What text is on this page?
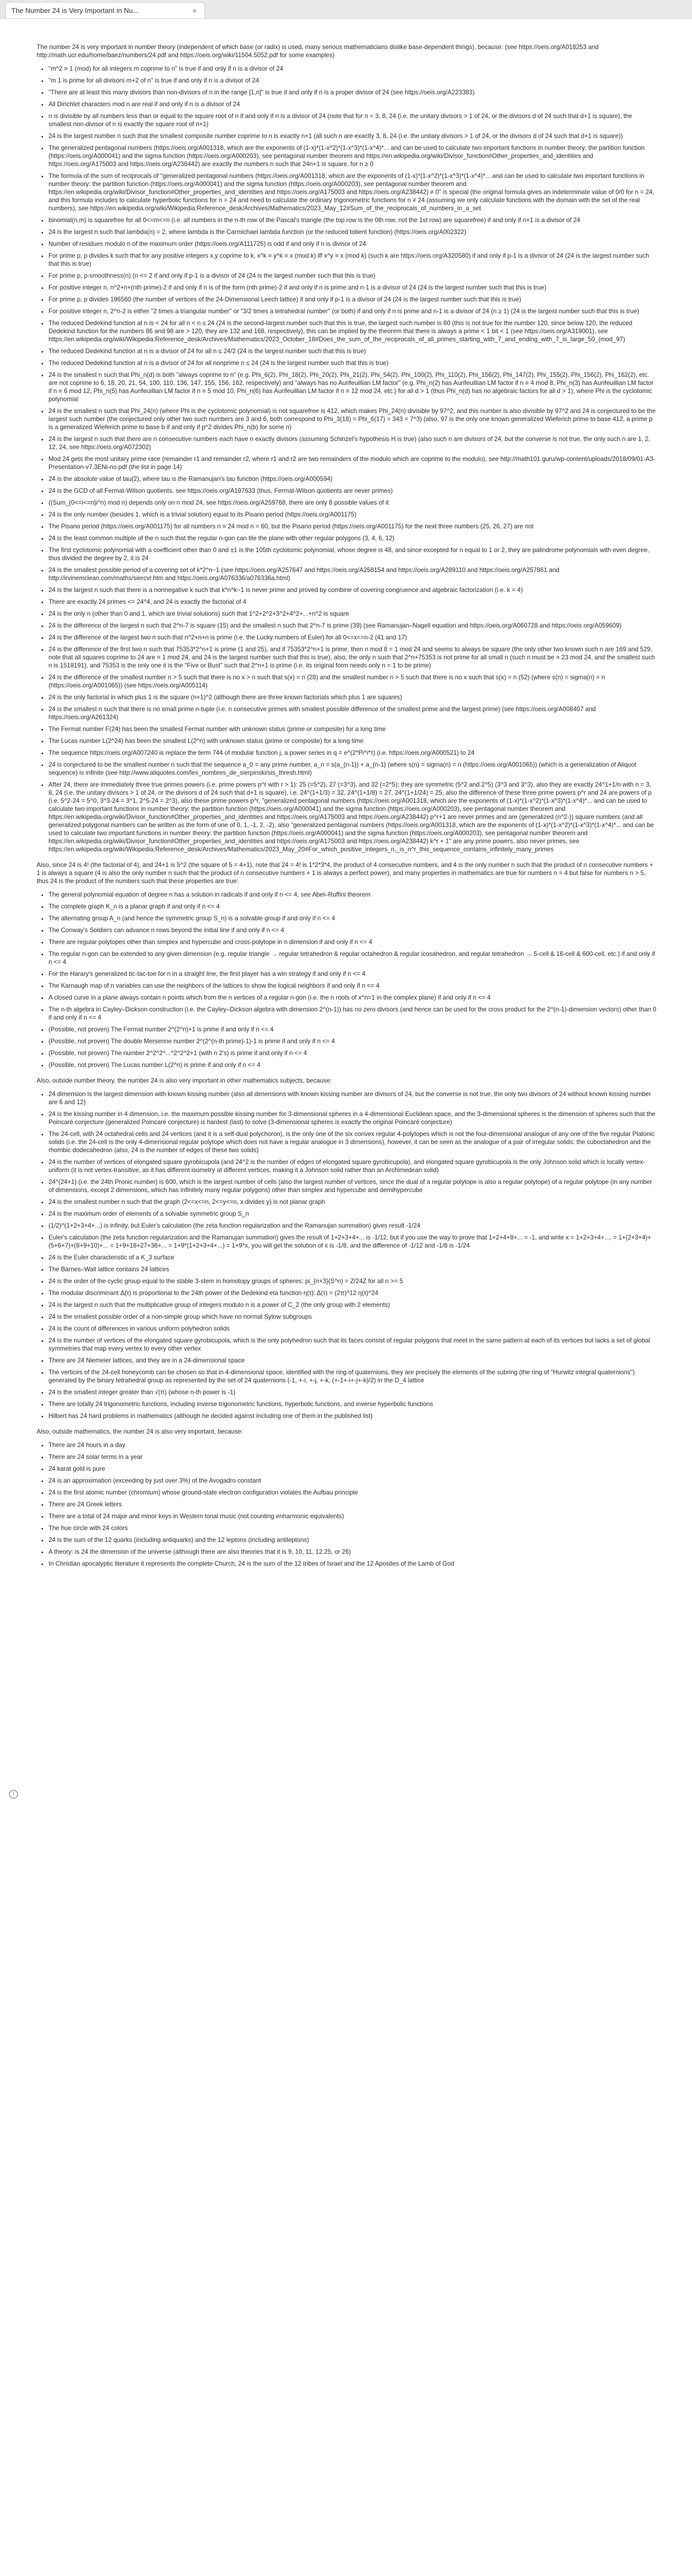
The Number 24 is Very Important in Nu...	×
i

The number 24 is very important in number theory (independent of which base (or radix) is used, many serious mathematicians dislike base-dependent things), because: (see https://oeis.org/A018253 and http://math.ucr.edu/home/baez/numbers/24.pdf and https://oeis.org/wiki/11504.5052.pdf for some examples)

• "m^2 ≡ 1 (mod) for all integers m coprime to n" is true if and only if n is a divisor of 24
• "m 1 is prime for all divisors m+2 of n" is true if and only if n is a divisor of 24
• "There are at least this many divisors than non-divisors of n in the range [1,n]" is true if and only if n is a proper divisor of 24 (see https://oeis.org/A223383)
• All Dirichlet characters mod n are real if and only if n is a divisor of 24
• n is divisible by all numbers less than or equal to the square root of n if and only if n is a divisor of 24 (note that for n = 3, 8, 24 (i.e. the unitary divisors > 1 of 24, or the divisors d of 24 such that d+1 is square), the smallest non-divisor of n is exactly the square root of n+1)
• 24 is the largest number n such that the smallest composite number coprime to n is exactly n+1 (all such n are exactly 3, 8, 24 (i.e. the unitary divisors > 1 of 24, or the divisors d of 24 such that d+1 is square))
• The generalized pentagonal numbers (https://oeis.org/A001318, which are the exponents of (1-x)*(1-x^2)*(1-x^3)*(1-x^4)*... and can be used to calculate two important functions in number theory: the partition function (https://oeis.org/A000041) and the sigma function (https://oeis.org/A000203), see pentagonal number theorem and https://en.wikipedia.org/wiki/Divisor_function#Other_properties_and_identities and https://oeis.org/A175003 and https://oeis.org/A238442) are exactly the numbers n such that 24n+1 is square, for n ≥ 0
• The formula of the sum of reciprocals of "generalized pentagonal numbers (https://oeis.org/A001318, which are the exponents of (1-x)*(1-x^2)*(1-x^3)*(1-x^4)*... and can be used to calculate two important functions in number theory: the partition function (https://oeis.org/A000041) and the sigma function (https://oeis.org/A000203), see pentagonal number theorem and https://en.wikipedia.org/wiki/Divisor_function#Other_properties_and_identities and https://oeis.org/A175003 and https://oeis.org/A238442) ≠ 0" is special (the original formula gives an indeterminate value of 0/0 for n = 24, and this formula includes to calculate hyperbolic functions for n = 24 and need to calculate the ordinary trigonometric functions for n ≠ 24 (assuming we only calculate functions with the domain with the set of the real numbers), see https://en.wikipedia.org/wiki/Wikipedia:Reference_desk/Archives/Mathematics/2023_May_12#Sum_of_the_reciprocals_of_numbers_in_a_set
• binomial(n,m) is squarefree for all 0<=m<=n (i.e. all numbers in the n-th row of the Pascal's triangle (the top row is the 0th row, not the 1st row) are squarefree) if and only if n+1 is a divisor of 24
• 24 is the largest n such that lambda(n) = 2, where lambda is the Carmichael lambda function (or the reduced totient function) (https://oeis.org/A002322)
• Number of residues modulo n of the maximum order (https://oeis.org/A111725) is odd if and only if n is divisor of 24
• For prime p, p divides k such that for any positive integers x,y coprime to k, x^k ≡ y^k ≡ x (mod k) iff x^y ≡ x (mod k) (such k are https://oeis.org/A320580) if and only if p-1 is a divisor of 24 (24 is the largest number such that this is true)
• For prime p, p-smoothness(n) (n <= 2 if and only if p-1 is a divisor of 24 (24 is the largest number such that this is true)
• For positive integer n, n^2+n+(nth prime)-2 if and only if n is of the form (nth prime)-2 if and only if n is prime and n-1 is a divisor of 24 (24 is the largest number such that this is true)
• For prime p, p divides 196560 (the number of vertices of the 24-Dimensional Leech lattice) if and only if p-1 is a divisor of 24 (24 is the largest number such that this is true)
• For positive integer n, 2^n-2 is either "2 times a triangular number" or "3/2 times a tetrahedral number" (or both) if and only if n is prime and n-1 is a divisor of 24 (n ≥ 1) (24 is the largest number such that this is true)
• The reduced Dedekind function at n is < 24 for all n < n ≤ 24 (24 is the second-largest number such that this is true, the largest such number is 60 (this is not true for the number 120, since below 120, the reduced Dedekind function for the numbers 86 and 98 are > 120, they are 132 and 168, respectively), this can be implied by the theorem that there is always a prime < 1 bit < 1 (see https://oeis.org/A319001), see https://en.wikipedia.org/wiki/Wikipedia:Reference_desk/Archives/Mathematics/2023_October_18#Does_the_sum_of_the_reciprocals_of_all_primes_starting_with_7_and_ending_with_7_is_large_50_(mod_97)
• The reduced Dedekind function at n is a divisor of 24 for all n ≤ 24/2 (24 is the largest number such that this is true)
• The reduced Dedekind function at n is a divisor of 24 for all nonprime n ≤ 24 (24 is the largest number such that this is true)
• 24 is the smallest n such that Phi_n(d) is both "always coprime to n" (e.g. Phi_6(2), Phi_18(2), Phi_20(2), Phi_21(2), Phi_54(2), Phi_100(2), Phi_110(2), Phi_156(2), Phi_147(2), Phi_155(2), Phi_156(2), Phi_162(2), etc. are not coprime to 6, 18, 20, 21, 54, 100, 110, 136, 147, 155, 156, 162, respectively) and "always has no Aurifeuillian LM factor" (e.g. Phi_n(2) has Aurifeuillian LM factor if n ≡ 4 mod 8, Phi_n(3) has Aurifeuillian LM factor if n ≡ 6 mod 12, Phi_n(5) has Aurifeuillian LM factor if n ≡ 5 mod 10, Phi_n(6) has Aurifeuillian LM factor if n ≡ 12 mod 24, etc.) for all d > 1 (thus Phi_n(d) has no algebraic factors for all d > 1), where Phi is the cyclotomic polynomial
• 24 is the smallest n such that Phi_24(n) (where Phi is the cyclotomic polynomial) is not squarefree is 412, which makes Phi_24(n) divisible by 97^2, and this number is also divisible by 97^2 and 24 is conjectured to be the largest such number (the conjectured only other two such numbers are 3 and 6, both correspond to Phi_3(18) = Phi_6(17) = 343 = 7^3) (also, 97 is the only one known generalized Wieferich prime to base 412, a prime p is a generalized Wieferich prime to base b if and only if p^2 divides Phi_n(b) for some n)
• 24 is the largest n such that there are n consecutive numbers each have n exactly divisors (assuming Schinzel's hypothesis H is true) (also such n are divisors of 24, but the converse is not true, the only such n are 1, 2, 12, 24, see https://oeis.org/A072302)
• Mod 24 gets the most unitary prime race (remainder r1 and remainder r2, where r1 and r2 are two remainders of the modulo which are coprime to the modulo), see http://math101.guru/wp-content/uploads/2018/09/01-A3-Presentation-v7.3ENi-no.pdf (the list in page 14)
• 24 is the absolute value of tau(2), where tau is the Ramanujan's tau function (https://oeis.org/A000594)
• 24 is the GCD of all Fermat-Wilson quotients, see https://oeis.org/A197633 (thus, Fermat-Wilson quotients are never primes)
• ((Sum_{0<=i<=n}i^n) mod n) depends only on n mod 24, see https://oeis.org/A259768, there are only 8 possible values of it
• 24 is the only number (besides 1, which is a trivial solution) equal to its Pisano period (https://oeis.org/A001175)
• The Pisano period (https://oeis.org/A001175) for all numbers n ≡ 24 mod n = 60, but the Pisano period (https://oeis.org/A001175) for the next three numbers (25, 26, 27) are not
• 24 is the least common multiple of the n such that the regular n-gon can tile the plane with other regular polygons (3, 4, 6, 12)
• The first cyclotomic polynomial with a coefficient other than 0 and ±1 is the 105th cyclotomic polynomial, whose degree is 48, and since excepted for n equal to 1 or 2, they are palindrome polynomials with even degree, thus divided the degree by 2, it is 24
• 24 is the smallest possible period of a covering set of k*2^n−1 (see https://oeis.org/A257647 and https://oeis.org/A258154 and https://oeis.org/A289110 and https://oeis.org/A257861 and http://irvinemclean.com/maths/siercvr.htm and https://oeis.org/A076336/a076336a.html)
• 24 is the largest n such that there is a nonnegative k such that k*n^k−1 is never prime and proved by combine of covering congruence and algebraic factorization (i.e. k = 4)
• There are exactly 24 primes <= 24^4, and 24 is exactly the factorial of 4
• 24 is the only n (other than 0 and 1, which are trivial solutions) such that 1^2+2^2+3^2+4^2+...+n^2 is square
• 24 is the difference of the largest n such that 2^n-7 is square (15) and the smallest n such that 2^n-7 is prime (39) (see Ramanujan–Nagell equation and https://oeis.org/A060728 and https://oeis.org/A059609)
• 24 is the difference of the largest two n such that n^2+n+n is prime (i.e. the Lucky numbers of Euler) for all 0<=x<=n-2 (41 and 17)
• 24 is the difference of the first two n such that 75353*2^n+1 is prime (1 and 25), and if 75353*2^n+1 is prime, then n mod 8 = 1 mod 24 and seems to always be square (the only other two known such n are 169 and 529, note that all squares coprime to 24 are ≡ 1 mod 24, and 24 is the largest number such that this is true), also, the only n such that 2^n+75353 is not prime for all small n (such n must be ≡ 23 mod 24, and the smallest such n is 1518191), and 75353 is the only one it is the "Five or Bust" such that 2^n+1 is prime (i.e. its original form needs only n = 1 to be prime)
• 24 is the difference of the smallest number n > 5 such that there is no x > n such that s(x) = n (28) and the smallest number n > 5 such that there is no x such that s(x) = n (52) (where s(n) = sigma(n) = n (https://oeis.org/A001065)) (see https://oeis.org/A005114)
• 24 is the only factorial in which plus 1 is the square (n+1)^2 (although there are three known factorials which plus 1 are squares)
• 24 is the smallest n such that there is no small prime n-tuple (i.e. n consecutive primes with smallest possible difference of the smallest prime and the largest prime) (see https://oeis.org/A008407 and https://oeis.org/A261324)
• The Fermat number F(24) has been the smallest Fermat number with unknown status (prime or composite) for a long time
• The Lucas number L(2^24) has been the smallest L(2^n) with unknown status (prime or composite) for a long time
• The sequence https://oeis.org/A007240 is replace the term 744 of modular function j, a power series in q = e^(2*Pi^i*τ) (i.e. https://oeis.org/A000521) to 24
• 24 is conjectured to be the smallest number n such that the sequence a_0 = any prime number, a_n = s(a_{n-1}) + a_{n-1} (where s(n) = sigma(n) = n (https://oeis.org/A001065)) (which is a generalization of Aliquot sequence) is infinite (see http://www.aliquotes.com/les_nombres_de_sierpinski/sis_thresh.html)
• After 24, there are immediately three true primes powers (i.e. prime powers p^r with r > 1): 25 (=5^2), 27 (=3^3), and 32 (=2^5); they are symmetric (5^2 and 2^5) (3^3 and 3^3), also they are exactly 24^1+1/n with n = 3, 8, 24 (i.e. the unitary divisors > 1 of 24, or the divisors d of 24 such that d+1 is square), i.e. 24^(1+1/3) = 32, 24^(1+1/8) = 27, 24^(1+1/24) = 25, also the difference of these three prime powers p^r and 24 are powers of p (i.e. 5^2-24 = 5^0, 3^3-24 = 3^1, 2^5-24 = 2^3), also these prime powers p^r, "generalized pentagonal numbers (https://oeis.org/A001318, which are the exponents of (1-x)*(1-x^2)*(1-x^3)*(1-x^4)*... and can be used to calculate two important functions in number theory: the partition function (https://oeis.org/A000041) and the sigma function (https://oeis.org/A000203), see pentagonal number theorem and https://en.wikipedia.org/wiki/Divisor_function#Other_properties_and_identities and https://oeis.org/A175003 and https://oeis.org/A238442) p^r+1 are never primes and are (generalized (n^2-)) square numbers (and all generalized polygonal numbers can be written as the form of one of 0, 1, -1, 2, -2), also "generalized pentagonal numbers (https://oeis.org/A001318, which are the exponents of (1-x)*(1-x^2)*(1-x^3)*(1-x^4)*... and can be used to calculate two important functions in number theory: the partition function (https://oeis.org/A000041) and the sigma function (https://oeis.org/A000203), see pentagonal number theorem and https://en.wikipedia.org/wiki/Divisor_function#Other_properties_and_identities and https://oeis.org/A175003 and https://oeis.org/A238442) k^r + 1" are any prime powers, also never primes, see https://en.wikipedia.org/wiki/Wikipedia:Reference_desk/Archives/Mathematics/2023_May_20#For_which_positive_integers_n,_is_n^r_this_sequence_contains_infinitely_many_primes

Also, since 24 is 4! (the factorial of 4), and 24+1 is 5^2 (the square of 5 = 4+1), note that 24 = 4! is 1*2*3*4, the product of 4 consecutive numbers, and 4 is the only number n such that the product of n consecutive numbers + 1 is always a square (4 is also the only number n such that the product of n consecutive numbers + 1 is always a perfect power), and many properties in mathematics are true for numbers n = 4 but false for numbers n > 5, thus 24 is the product of the numbers such that these properties are true:

• The general polynomial equation of degree n has a solution in radicals if and only if n <= 4, see Abel–Ruffini theorem
• The complete graph K_n is a planar graph if and only if n <= 4
• The alternating group A_n (and hence the symmetric group S_n) is a solvable group if and only if n <= 4
• The Conway's Soldiers can advance n rows beyond the initial line if and only if n <= 4
• There are regular polytopes other than simplex and hypercube and cross-polytope in n dimension if and only if n <= 4
• The regular n-gon can be extended to any given dimension (e.g. regular triangle → regular tetrahedron & regular octahedron & regular icosahedron, and regular tetrahedron → 5-cell & 16-cell & 600-cell, etc.) if and only if n <= 4
• For the Harary's generalized tic-tac-toe for n in a straight line, the first player has a win strategy if and only if n <= 4
• The Karnaugh map of n variables can use the neighbors of the lattices to show the logical neighbors if and only if n <= 4
• A closed curve in a plane always contain n points which from the n vertices of a regular n-gon (i.e. the n roots of x^n=1 in the complex plane) if and only if n <= 4
• The n-th algebra in Cayley–Dickson construction (i.e. the Cayley–Dickson algebra with dimension 2^(n-1)) has no zero divisors (and hence can be used for the cross product for the 2^(n-1)-dimension vectors) other than 0 if and only if n <= 4
• (Possible, not proven) The Fermat number 2^(2^n)+1 is prime if and only if n <= 4
• (Possible, not proven) The double Mersenne number 2^(2^(n-th prime)-1)-1 is prime if and only if n <= 4
• (Possible, not proven) The number 2^2^2^...^2^2^2+1 (with n 2's) is prime if and only if n <= 4
• (Possible, not proven) The Lucas number L(2^n) is prime if and only if n <= 4

Also, outside number theory, the number 24 is also very important in other mathematics subjects, because:

• 24 dimension is the largest dimension with known kissing number (also all dimensions with known kissing number are divisors of 24, but the converse is not true, the only two divisors of 24 without known kissing number are 6 and 12)
• 24 is the kissing number in 4 dimension, i.e. the maximum possible kissing number for 3-dimensional spheres in a 4-dimensional Euclidean space, and the 3-dimensional spheres is the dimension of spheres such that the Poincaré conjecture (generalized Poincaré conjecture) is hardest (last) to solve (3-dimensional spheres is exactly the original Poincaré conjecture)
• The 24-cell, with 24 octahedral cells and 24 vertices (and it is a self-dual polychoron), is the only one of the six convex regular 4-polytopes which is not the four-dimensional analogue of any one of the five regular Platonic solids (i.e. the 24-cell is the only 4-dimensional regular polytope which does not have a regular analogue in 3 dimensions), however, it can be seen as the analogue of a pair of irregular solids: the cuboctahedron and the rhombic dodecahedron (also, 24 is the number of edges of these two solids)
• 24 is the number of vertices of elongated square gyrobicupola (and 24^2 is the number of edges of elongated square gyrobicupola), and elongated square gyrobicupola is the only Johnson solid which is locally vertex-uniform (it is not vertex-transitive, as it has different isometry at different vertices, making it a Johnson solid rather than an Archimedean solid)
• 24^(24+1) (i.e. the 24th Pronic number) is 600, which is the largest number of cells (also the largest number of vertices, since the dual of a regular polytope is also a regular polytope) of a regular polytope (in any number of dimensions, except 2 dimensions, which has infinitely many regular polygons) other than simplex and hypercube and demihypercube
• 24 is the smallest number n such that the graph (2<=x<=n, 2<=y<=n, x divides y) is not planar graph
• 24 is the maximum order of elements of a solvable symmetric group S_n
• (1/2)^(1+2+3+4+...) is infinity, but Euler's calculation (the zeta function regularization and the Ramanujan summation) gives result -1/24
• Euler's calculation (the zeta function regularization and the Ramanujan summation) gives the result of 1+2+3+4+... is -1/12, but if you use the way to prove that 1+2+4+8+... = -1, and write x = 1+2+3+4+..., = 1+(2+3+4)+(5+6+7)+(8+9+10)+... = 1+9+18+27+36+... = 1+9*(1+2+3+4+...) = 1+9*x, you will get the solution of x is -1/8, and the difference of -1/12 and -1/8 is -1/24
• 24 is the Euler characteristic of a K_3 surface
• The Barnes–Wall lattice contains 24 lattices
• 24 is the order of the cyclic group equal to the stable 3-stem in homotopy groups of spheres: pi_{n+3}(S^n) = Z/24Z for all n >= 5
• The modular discriminant Δ(τ) is proportional to the 24th power of the Dedekind eta function η(τ): Δ(τ) = (2π)^12 η(τ)^24
• 24 is the largest n such that the multiplicative group of integers modulo n is a power of C_2 (the only group with 2 elements)
• 24 is the smallest possible order of a non-simple group which have no normal Sylow subgroups
• 24 is the count of differences in various uniform polyhedron solids
• 24 is the number of vertices of the elongated square gyrobicupola, which is the only polyhedron such that its faces consist of regular polygons that meet in the same pattern at each of its vertices but lacks a set of global symmetries that map every vertex to every other vertex
• There are 24 Niemeier lattices, and they are in a 24-dimensional space
• The vertices of the 24-cell honeycomb can be chosen so that in 4-dimensional space, identified with the ring of quaternions, they are precisely the elements of the subring (the ring of "Hurwitz integral quaternions") generated by the binary tetrahedral group as represented by the set of 24 quaternions (-1, +-i, +-j, +-k, (+-1+-i+-j+-k)/2) in the D_4 lattice
• 24 is the smallest integer greater than √(π) (whose n-th power is -1)
• There are totally 24 trigonometric functions, including inverse trigonometric functions, hyperbolic functions, and inverse hyperbolic functions
• Hilbert has 24 hard problems in mathematics (although he decided against including one of them in the published list)

Also, outside mathematics, the number 24 is also very important, because:

• There are 24 hours in a day
• There are 24 solar terms in a year
• 24 karat gold is pure
• 24 is an approximation (exceeding by just over 3%) of the Avogadro constant
• 24 is the first atomic number (chromium) whose ground-state electron configuration violates the Aufbau principle
• There are 24 Greek letters
• There are a total of 24 major and minor keys in Western tonal music (not counting enharmonic equivalents)
• The hue circle with 24 colors
• 24 is the sum of the 12 quarks (including antiquarks) and the 12 leptons (including antileptons)
• A theory: is 24 the dimension of the universe (although there are also theories that it is 9, 10, 11, 12.25, or 26)
• In Christian apocalyptic literature it represents the complete Church, 24 is the sum of the 12 tribes of Israel and the 12 Apostles of the Lamb of God
